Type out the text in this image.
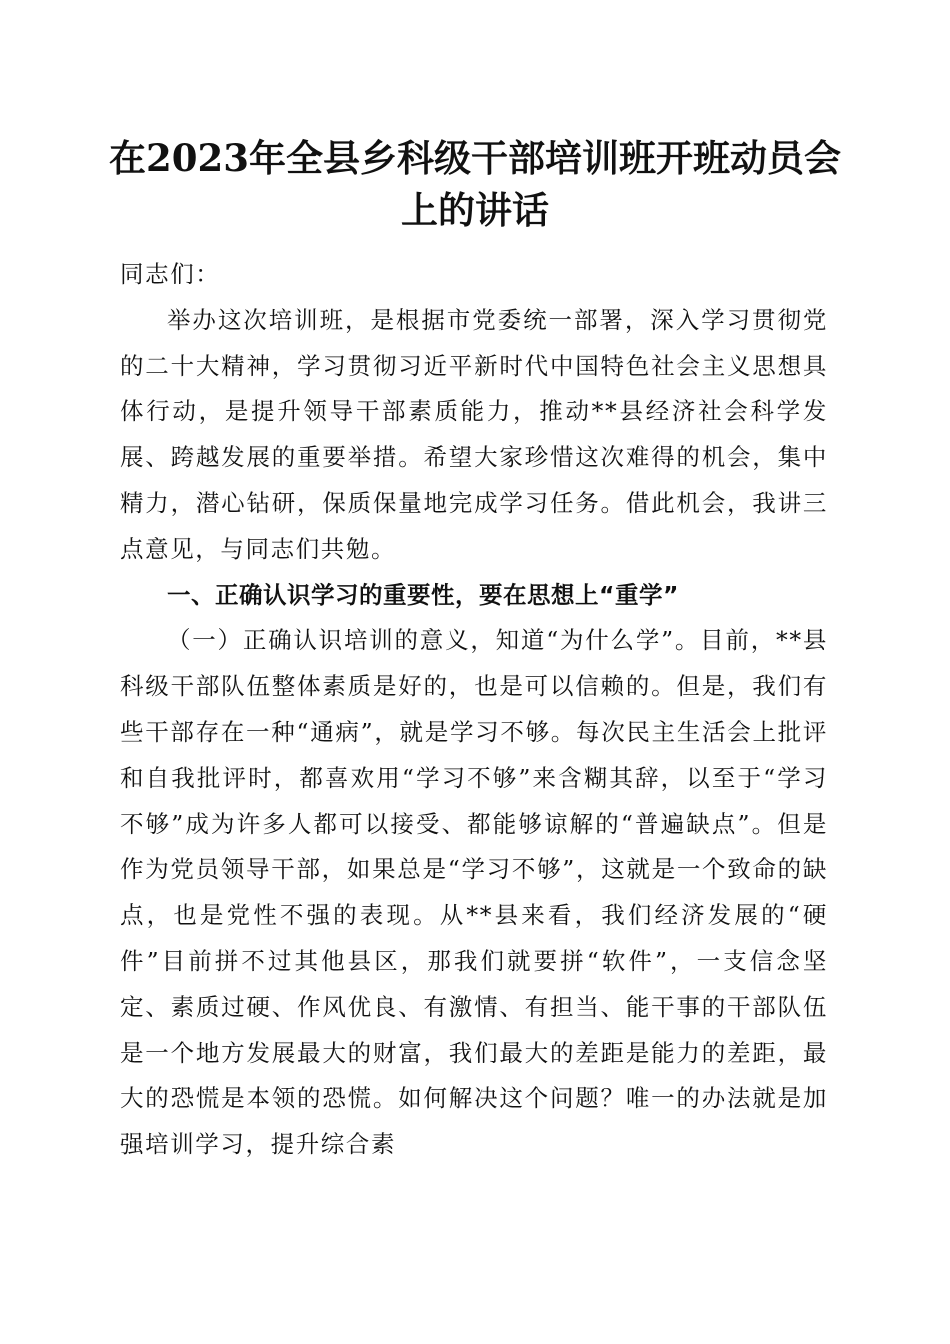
在2023年全县乡科级干部培训班开班动员会上的讲话

同志们：

举办这次培训班，是根据市党委统一部署，深入学习贯彻党的二十大精神，学习贯彻习近平新时代中国特色社会主义思想具体行动，是提升领导干部素质能力，推动**县经济社会科学发展、跨越发展的重要举措。希望大家珍惜这次难得的机会，集中精力，潜心钻研，保质保量地完成学习任务。借此机会，我讲三点意见，与同志们共勉。

一、正确认识学习的重要性，要在思想上“重学”

（一）正确认识培训的意义，知道“为什么学”。目前，**县科级干部队伍整体素质是好的，也是可以信赖的。但是，我们有些干部存在一种“通病”，就是学习不够。每次民主生活会上批评和自我批评时，都喜欢用“学习不够”来含糊其辞，以至于“学习不够”成为许多人都可以接受、都能够谅解的“普遍缺点”。但是作为党员领导干部，如果总是“学习不够”，这就是一个致命的缺点，也是党性不强的表现。从**县来看，我们经济发展的“硬件”目前拼不过其他县区，那我们就要拼“软件”，一支信念坚定、素质过硬、作风优良、有激情、有担当、能干事的干部队伍是一个地方发展最大的财富，我们最大的差距是能力的差距，最大的恐慌是本领的恐慌。如何解决这个问题？唯一的办法就是加强培训学习，提升综合素
